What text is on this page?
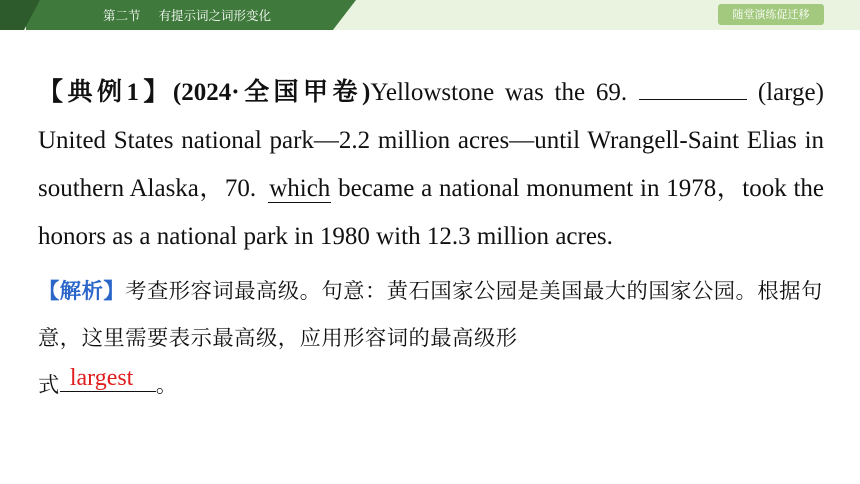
第二节 有提示词之词形变化	随堂演练促迁移
【典例1】(2024·全国甲卷)Yellowstone was the 69.	(large) United States national park—2.2 million acres—until Wrangell-Saint Elias in southern Alaska，70. which became a national monument in 1978，took the honors as a national park in 1980 with 12.3 million acres.
【解析】考查形容词最高级。句意：黄石国家公园是美国最大的国家公园。根据句意，这里需要表示最高级，应用形容词的最高级形
式 largest 。
